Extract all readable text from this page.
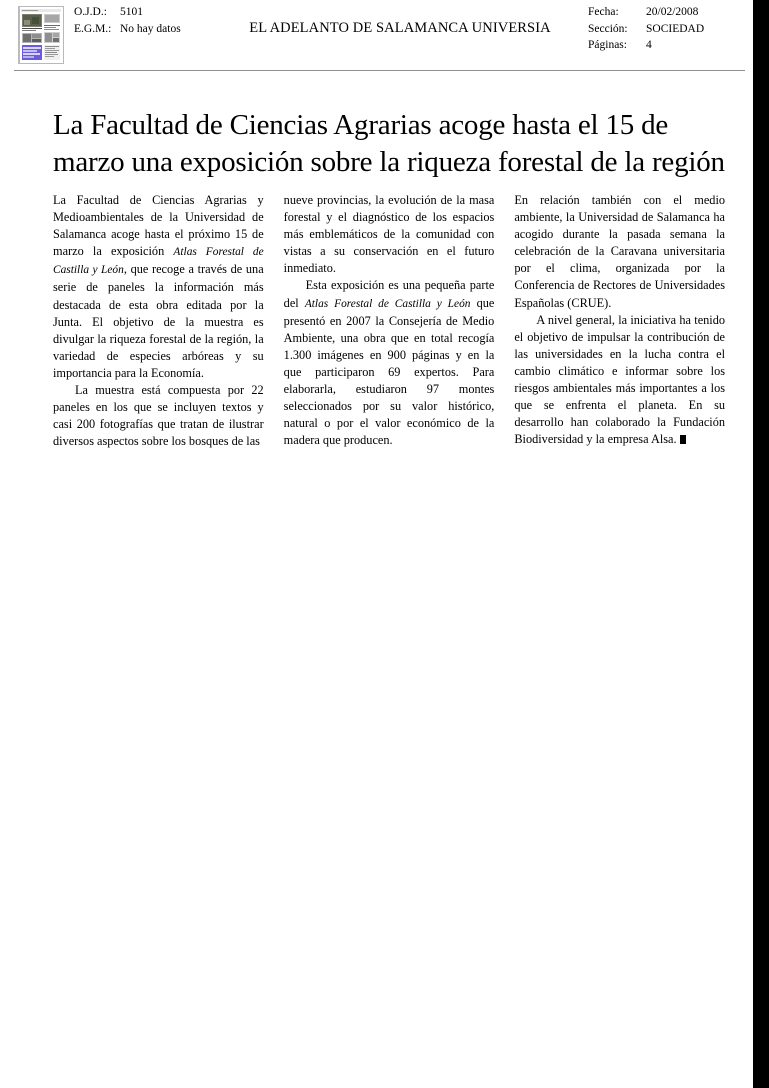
O.J.D.:	5101
E.G.M.: No hay datos	EL ADELANTO DE SALAMANCA UNIVERSIA
Fecha:	20/02/2008
Sección:	SOCIEDAD
Páginas:	4
La Facultad de Ciencias Agrarias acoge hasta el 15 de
marzo una exposición sobre la riqueza forestal de la región

La Facultad de Ciencias Agrarias y Medioambientales de la Universidad de Salamanca acoge hasta el próximo 15 de marzo la exposición Atlas Forestal de Castilla y León, que recoge a través de una serie de paneles la información más destacada de esta obra editada por la Junta. El objetivo de la muestra es divulgar la riqueza forestal de la región, la variedad de especies arbóreas y su importancia para la Economía.

La muestra está compuesta por 22 paneles en los que se incluyen textos y casi 200 fotografías que tratan de ilustrar diversos aspectos sobre los bosques de las

nueve provincias, la evolución de la masa forestal y el diagnóstico de los espacios más emblemáticos de la comunidad con vistas a su conservación en el futuro inmediato.

Esta exposición es una pequeña parte del Atlas Forestal de Castilla y León que presentó en 2007 la Consejería de Medio Ambiente, una obra que en total recogía 1.300 imágenes en 900 páginas y en la que participaron 69 expertos. Para elaborarla, estudiaron 97 montes seleccionados por su valor histórico, natural o por el valor económico de la madera que producen.

En relación también con el medio ambiente, la Universidad de Salamanca ha acogido durante la pasada semana la celebración de la Caravana universitaria por el clima, organizada por la Conferencia de Rectores de Universidades Españolas (CRUE).

A nivel general, la iniciativa ha tenido el objetivo de impulsar la contribución de las universidades en la lucha contra el cambio climático e informar sobre los riesgos ambientales más importantes a los que se enfrenta el planeta. En su desarrollo han colaborado la Fundación Biodiversidad y la empresa Alsa.
